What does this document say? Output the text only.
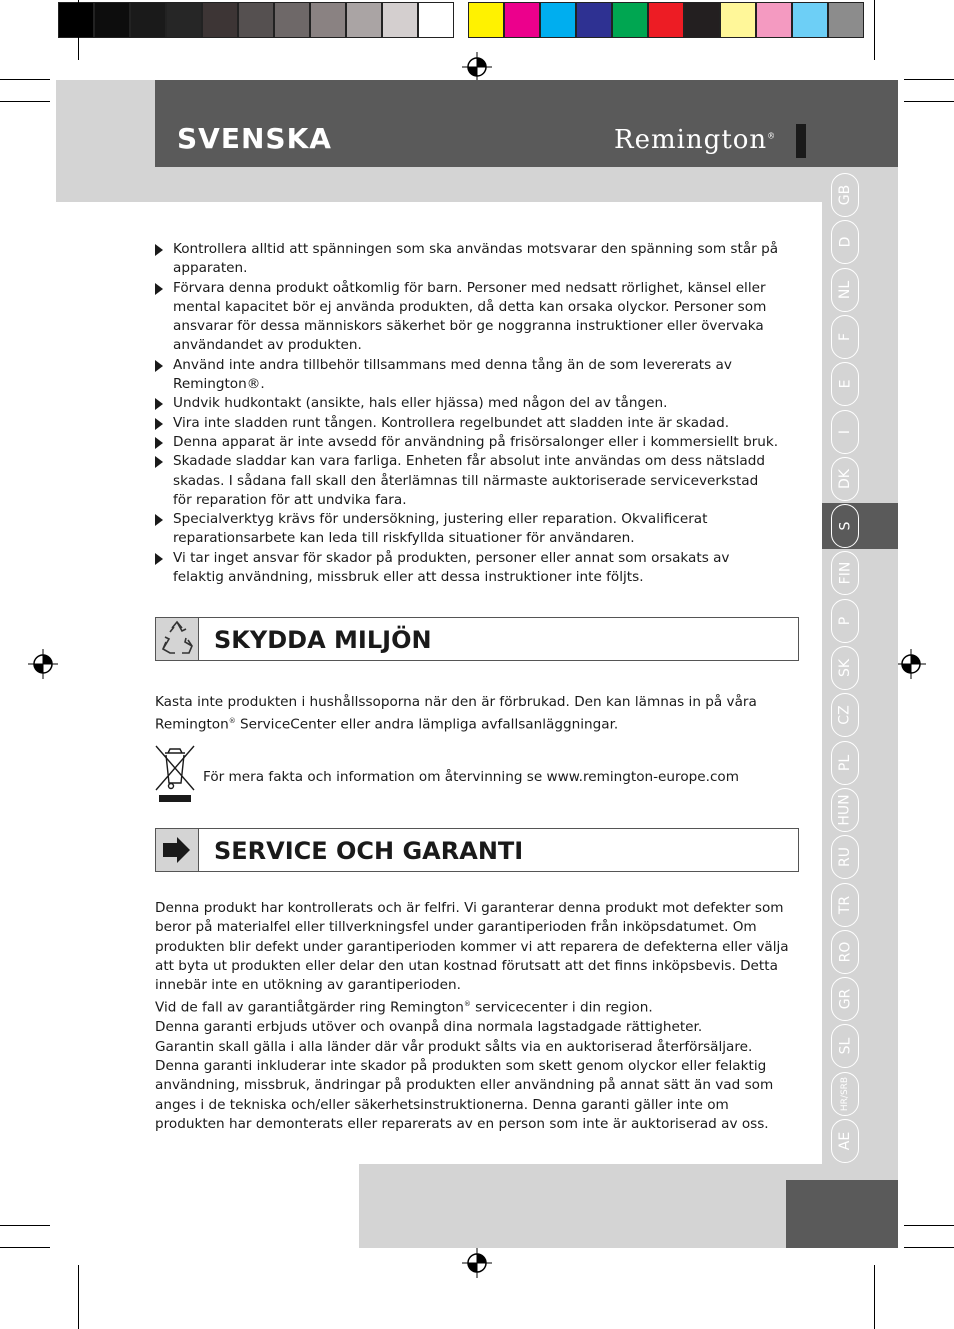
SVENSKA	Remington®
GB
D
NL
F
E
I
DK
S
FIN
P
SK
CZ
PL
HUN
RU
TR
RO
GR
SL
HR/SRB
AE
Kontrollera alltid att spänningen som ska användas motsvarar den spänning som står på apparaten.
Förvara denna produkt oåtkomlig för barn. Personer med nedsatt rörlighet, känsel eller mental kapacitet bör ej använda produkten, då detta kan orsaka olyckor. Personer som ansvarar för dessa människors säkerhet bör ge noggranna instruktioner eller övervaka användandet av produkten.
Använd inte andra tillbehör tillsammans med denna tång än de som levererats av Remington®.
Undvik hudkontakt (ansikte, hals eller hjässa) med någon del av tången.
Vira inte sladden runt tången. Kontrollera regelbundet att sladden inte är skadad.
Denna apparat är inte avsedd för användning på frisörsalonger eller i kommersiellt bruk.
Skadade sladdar kan vara farliga. Enheten får absolut inte användas om dess nätsladd skadas. I sådana fall skall den återlämnas till närmaste auktoriserade serviceverkstad för reparation för att undvika fara.
Specialverktyg krävs för undersökning, justering eller reparation. Okvalificerat reparationsarbete kan leda till riskfyllda situationer för användaren.
Vi tar inget ansvar för skador på produkten, personer eller annat som orsakats av felaktig användning, missbruk eller att dessa instruktioner inte följts.
SKYDDA MILJÖN

Kasta inte produkten i hushållssoporna när den är förbrukad. Den kan lämnas in på våra Remington® ServiceCenter eller andra lämpliga avfallsanläggningar.

För mera fakta och information om återvinning se www.remington-europe.com
SERVICE OCH GARANTI

Denna produkt har kontrollerats och är felfri. Vi garanterar denna produkt mot defekter som beror på materialfel eller tillverkningsfel under garantiperioden från inköpsdatumet. Om produkten blir defekt under garantiperioden kommer vi att reparera de defekterna eller välja att byta ut produkten eller delar den utan kostnad förutsatt att det finns inköpsbevis. Detta innebär inte en utökning av garantiperioden.

Vid de fall av garantiåtgärder ring Remington® servicecenter i din region.

Denna garanti erbjuds utöver och ovanpå dina normala lagstadgade rättigheter.

Garantin skall gälla i alla länder där vår produkt sålts via en auktoriserad återförsäljare.

Denna garanti inkluderar inte skador på produkten som skett genom olyckor eller felaktig användning, missbruk, ändringar på produkten eller användning på annat sätt än vad som anges i de tekniska och/eller säkerhetsinstruktionerna. Denna garanti gäller inte om produkten har demonterats eller reparerats av en person som inte är auktoriserad av oss.
